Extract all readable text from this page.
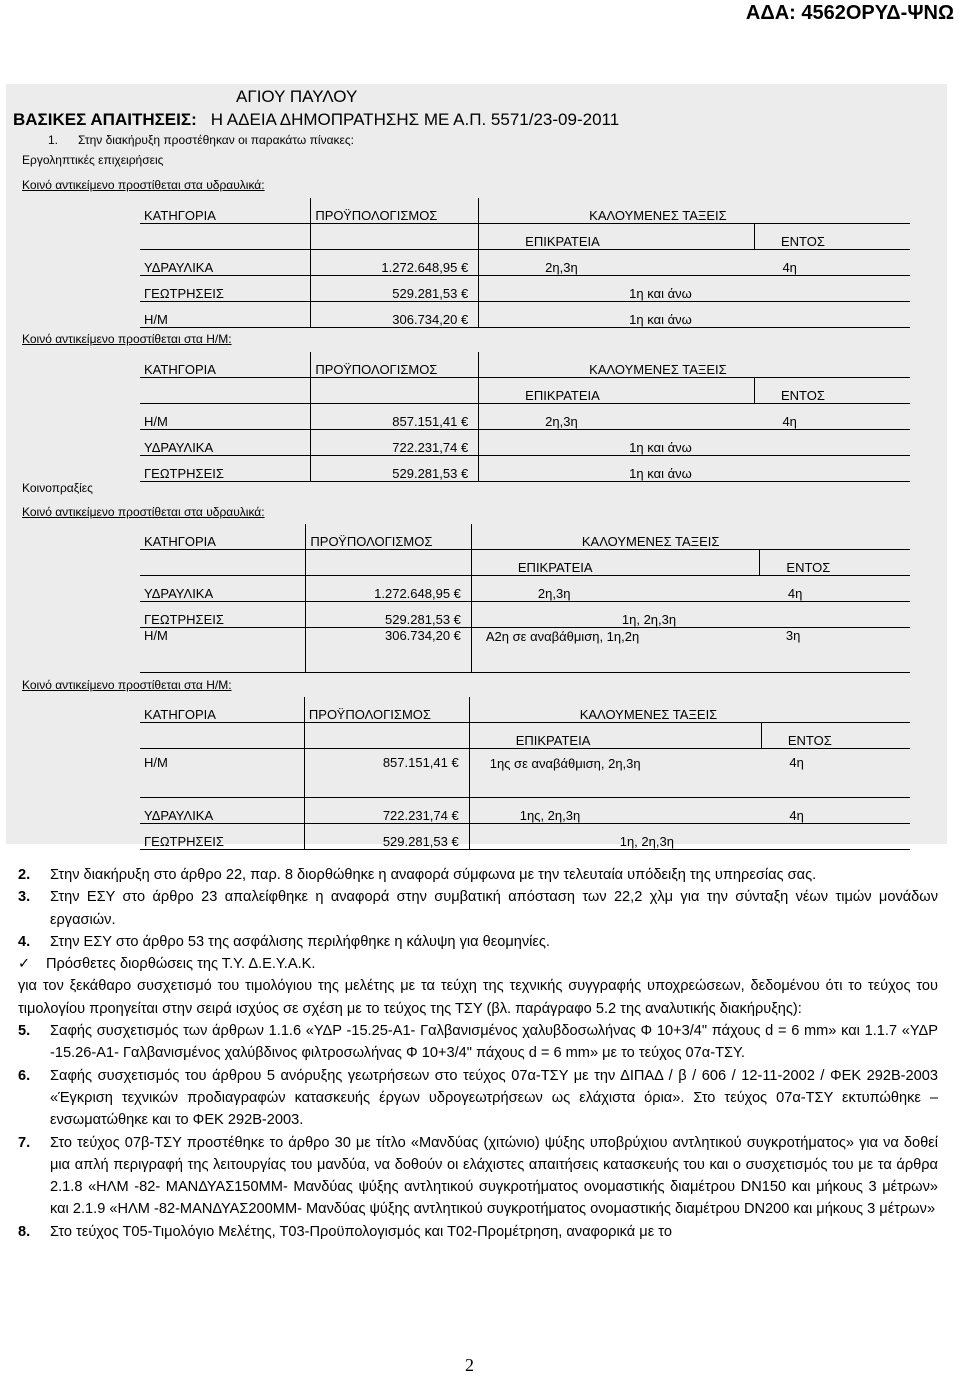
ΑΔΑ: 4562ΟΡΥΔ-ΨΝΩ
ΑΓΙΟΥ ΠΑΥΛΟΥ
ΒΑΣΙΚΕΣ ΑΠΑΙΤΗΣΕΙΣ: Η ΑΔΕΙΑ ΔΗΜΟΠΡΑΤΗΣΗΣ ΜΕ Α.Π. 5571/23-09-2011
1. Στην διακήρυξη προστέθηκαν οι παρακάτω πίνακες:
Εργοληπτικές επιχειρήσεις
Κοινό αντικείμενο προστίθεται στα υδραυλικά:
ΚΑΤΗΓΟΡΙΑ	ΠΡΟΫΠΟΛΟΓΙΣΜΟΣ	ΚΑΛΟΥΜΕΝΕΣ ΤΑΞΕΙΣ	
		ΕΠΙΚΡΑΤΕΙΑ	ΕΝΤΟΣ
ΥΔΡΑΥΛΙΚΑ	1.272.648,95 €	2η,3η	4η
ΓΕΩΤΡΗΣΕΙΣ	529.281,53 €	1η και άνω	
Η/Μ	306.734,20 €	1η και άνω	
Κοινό αντικείμενο προστίθεται στα Η/Μ:
ΚΑΤΗΓΟΡΙΑ	ΠΡΟΫΠΟΛΟΓΙΣΜΟΣ	ΚΑΛΟΥΜΕΝΕΣ ΤΑΞΕΙΣ	
		ΕΠΙΚΡΑΤΕΙΑ	ΕΝΤΟΣ
Η/Μ	857.151,41 €	2η,3η	4η
ΥΔΡΑΥΛΙΚΑ	722.231,74 €	1η και άνω	
ΓΕΩΤΡΗΣΕΙΣ	529.281,53 €	1η και άνω	
Κοινοπραξίες
Κοινό αντικείμενο προστίθεται στα υδραυλικά:
ΚΑΤΗΓΟΡΙΑ	ΠΡΟΫΠΟΛΟΓΙΣΜΟΣ	ΚΑΛΟΥΜΕΝΕΣ ΤΑΞΕΙΣ	
		ΕΠΙΚΡΑΤΕΙΑ	ΕΝΤΟΣ
ΥΔΡΑΥΛΙΚΑ	1.272.648,95 €	2η,3η	4η
ΓΕΩΤΡΗΣΕΙΣ	529.281,53 €	1η, 2η,3η	
Η/Μ	306.734,20 €	Α2η σε αναβάθμιση, 1η,2η	3η
Κοινό αντικείμενο προστίθεται στα Η/Μ:
ΚΑΤΗΓΟΡΙΑ	ΠΡΟΫΠΟΛΟΓΙΣΜΟΣ	ΚΑΛΟΥΜΕΝΕΣ ΤΑΞΕΙΣ	
		ΕΠΙΚΡΑΤΕΙΑ	ΕΝΤΟΣ
Η/Μ	857.151,41 €	1ης σε αναβάθμιση, 2η,3η	4η
ΥΔΡΑΥΛΙΚΑ	722.231,74 €	1ης, 2η,3η	4η
ΓΕΩΤΡΗΣΕΙΣ	529.281,53 €	1η, 2η,3η	

2. Στην διακήρυξη στο άρθρο 22, παρ. 8 διορθώθηκε η αναφορά σύμφωνα με την τελευταία υπόδειξη της υπηρεσίας σας.

3. Στην ΕΣΥ στο άρθρο 23 απαλείφθηκε η αναφορά στην συμβατική απόσταση των 22,2 χλμ για την σύνταξη νέων τιμών μονάδων εργασιών.

4. Στην ΕΣΥ στο άρθρο 53 της ασφάλισης περιλήφθηκε η κάλυψη για θεομηνίες.

✓ Πρόσθετες διορθώσεις της Τ.Υ. Δ.Ε.Υ.Α.Κ.

για τον ξεκάθαρο συσχετισμό του τιμολόγιου της μελέτης με τα τεύχη της τεχνικής συγγραφής υποχρεώσεων, δεδομένου ότι το τεύχος του τιμολογίου προηγείται στην σειρά ισχύος σε σχέση με το τεύχος της ΤΣΥ (βλ. παράγραφο 5.2 της αναλυτικής διακήρυξης):

5. Σαφής συσχετισμός των άρθρων 1.1.6 «ΥΔΡ -15.25-Α1- Γαλβανισμένος χαλυβδοσωλήνας Φ 10+3/4" πάχους d = 6 mm» και 1.1.7 «ΥΔΡ -15.26-Α1- Γαλβανισμένος χαλύβδινος φιλτροσωλήνας Φ 10+3/4" πάχους d = 6 mm» με το τεύχος 07α-ΤΣΥ.

6. Σαφής συσχετισμός του άρθρου 5 ανόρυξης γεωτρήσεων στο τεύχος 07α-ΤΣΥ με την ΔΙΠΑΔ / β / 606 / 12-11-2002 / ΦΕΚ 292Β-2003 «Έγκριση τεχνικών προδιαγραφών κατασκευής έργων υδρογεωτρήσεων ως ελάχιστα όρια». Στο τεύχος 07α-ΤΣΥ εκτυπώθηκε – ενσωματώθηκε και το ΦΕΚ 292Β-2003.

7. Στο τεύχος 07β-ΤΣΥ προστέθηκε το άρθρο 30 με τίτλο «Μανδύας (χιτώνιο) ψύξης υποβρύχιου αντλητικού συγκροτήματος» για να δοθεί μια απλή περιγραφή της λειτουργίας του μανδύα, να δοθούν οι ελάχιστες απαιτήσεις κατασκευής του και ο συσχετισμός του με τα άρθρα 2.1.8 «ΗΛΜ -82- ΜΑΝΔΥΑΣ150ΜΜ- Μανδύας ψύξης αντλητικού συγκροτήματος ονομαστικής διαμέτρου DN150 και μήκους 3 μέτρων» και 2.1.9 «ΗΛΜ -82-ΜΑΝΔΥΑΣ200ΜΜ- Μανδύας ψύξης αντλητικού συγκροτήματος ονομαστικής διαμέτρου DN200 και μήκους 3 μέτρων»

8. Στο τεύχος Τ05-Τιμολόγιο Μελέτης, Τ03-Προϋπολογισμός και Τ02-Προμέτρηση, αναφορικά με το

2
